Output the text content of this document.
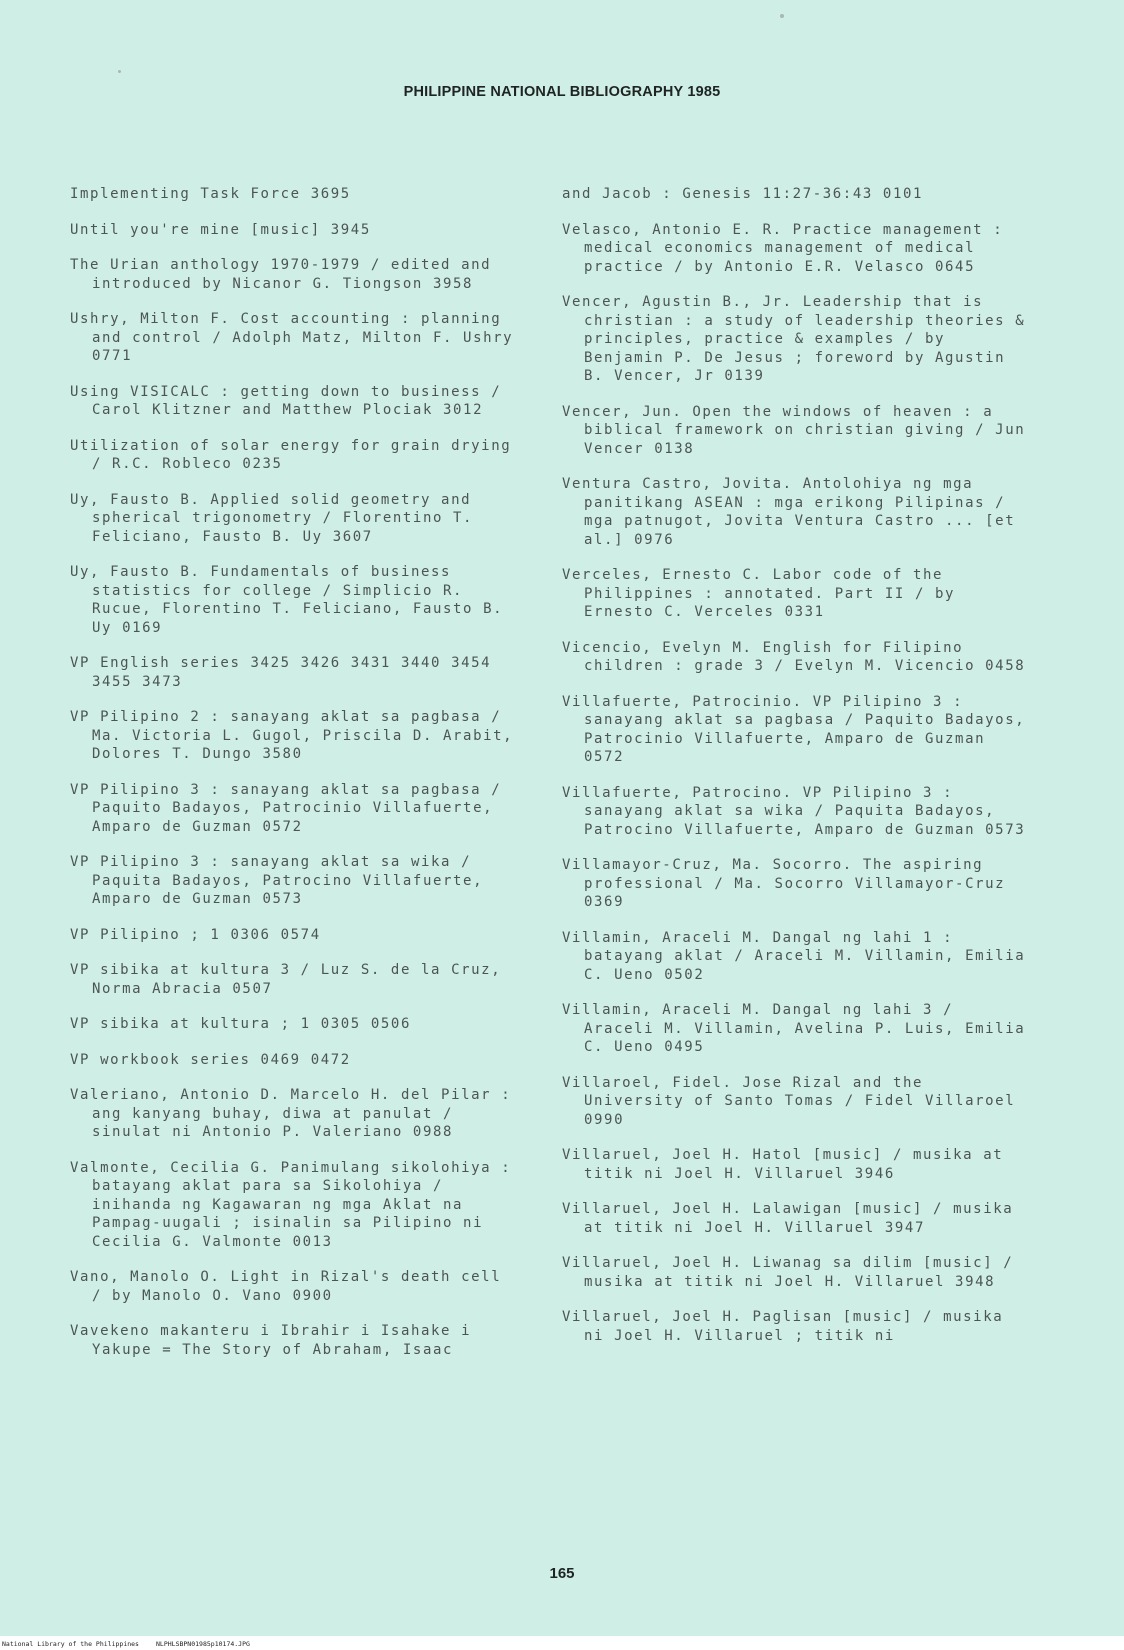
PHILIPPINE NATIONAL BIBLIOGRAPHY 1985
Implementing Task Force 3695
Until you're mine [music] 3945
The Urian anthology 1970-1979 / edited and introduced by Nicanor G. Tiongson 3958
Ushry, Milton F. Cost accounting : planning and control / Adolph Matz, Milton F. Ushry 0771
Using VISICALC : getting down to business / Carol Klitzner and Matthew Plociak 3012
Utilization of solar energy for grain drying / R.C. Robleco 0235
Uy, Fausto B. Applied solid geometry and spherical trigonometry / Florentino T. Feliciano, Fausto B. Uy 3607
Uy, Fausto B. Fundamentals of business statistics for college / Simplicio R. Rucue, Florentino T. Feliciano, Fausto B. Uy 0169
VP English series 3425 3426 3431 3440 3454 3455 3473
VP Pilipino 2 : sanayang aklat sa pagbasa / Ma. Victoria L. Gugol, Priscila D. Arabit, Dolores T. Dungo 3580
VP Pilipino 3 : sanayang aklat sa pagbasa / Paquito Badayos, Patrocinio Villafuerte, Amparo de Guzman 0572
VP Pilipino 3 : sanayang aklat sa wika / Paquita Badayos, Patrocino Villafuerte, Amparo de Guzman 0573
VP Pilipino ; 1 0306 0574
VP sibika at kultura 3 / Luz S. de la Cruz, Norma Abracia 0507
VP sibika at kultura ; 1 0305 0506
VP workbook series 0469 0472
Valeriano, Antonio D. Marcelo H. del Pilar : ang kanyang buhay, diwa at panulat / sinulat ni Antonio P. Valeriano 0988
Valmonte, Cecilia G. Panimulang sikolohiya : batayang aklat para sa Sikolohiya / inihanda ng Kagawaran ng mga Aklat na Pampag-uugali ; isinalin sa Pilipino ni Cecilia G. Valmonte 0013
Vano, Manolo O. Light in Rizal's death cell / by Manolo O. Vano 0900
Vavekeno makanteru i Ibrahir i Isahake i Yakupe = The Story of Abraham, Isaac
and Jacob : Genesis 11:27-36:43 0101
Velasco, Antonio E. R. Practice management : medical economics management of medical practice / by Antonio E.R. Velasco 0645
Vencer, Agustin B., Jr. Leadership that is christian : a study of leadership theories & principles, practice & examples / by Benjamin P. De Jesus ; foreword by Agustin B. Vencer, Jr 0139
Vencer, Jun. Open the windows of heaven : a biblical framework on christian giving / Jun Vencer 0138
Ventura Castro, Jovita. Antolohiya ng mga panitikang ASEAN : mga erikong Pilipinas / mga patnugot, Jovita Ventura Castro ... [et al.] 0976
Verceles, Ernesto C. Labor code of the Philippines : annotated. Part II / by Ernesto C. Verceles 0331
Vicencio, Evelyn M. English for Filipino children : grade 3 / Evelyn M. Vicencio 0458
Villafuerte, Patrocinio. VP Pilipino 3 : sanayang aklat sa pagbasa / Paquito Badayos, Patrocinio Villafuerte, Amparo de Guzman 0572
Villafuerte, Patrocino. VP Pilipino 3 : sanayang aklat sa wika / Paquita Badayos, Patrocino Villafuerte, Amparo de Guzman 0573
Villamayor-Cruz, Ma. Socorro. The aspiring professional / Ma. Socorro Villamayor-Cruz 0369
Villamin, Araceli M. Dangal ng lahi 1 : batayang aklat / Araceli M. Villamin, Emilia C. Ueno 0502
Villamin, Araceli M. Dangal ng lahi 3 / Araceli M. Villamin, Avelina P. Luis, Emilia C. Ueno 0495
Villaroel, Fidel. Jose Rizal and the University of Santo Tomas / Fidel Villaroel 0990
Villaruel, Joel H. Hatol [music] / musika at titik ni Joel H. Villaruel 3946
Villaruel, Joel H. Lalawigan [music] / musika at titik ni Joel H. Villaruel 3947
Villaruel, Joel H. Liwanag sa dilim [music] / musika at titik ni Joel H. Villaruel 3948
Villaruel, Joel H. Paglisan [music] / musika ni Joel H. Villaruel ; titik ni
165
National Library of the Philippines	NLPHLSBPN01985p10174.JPG
